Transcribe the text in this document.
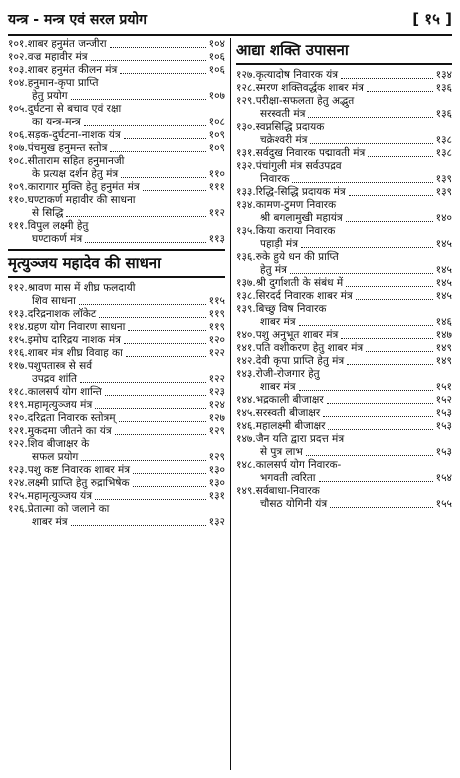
यन्त्र - मन्त्र एवं सरल प्रयोग	[ १५ ]
१०१.शाबर हनुमंत जन्जीरा	१०४
१०२.वज्र महावीर मंत्र	१०६
१०३.शाबर हनुमंत कीलन मंत्र	१०६
१०४.हनुमान-कृपा प्राप्ति
हेतु प्रयोग	१०७
१०५.दुर्घटना से बचाव एवं रक्षा
का यन्त्र-मन्त्र	१०८
१०६.सड़क-दुर्घटना-नाशक यंत्र	१०९
१०७.पंचमुख हनुमन्त स्तोत्र	१०९
१०८.सीताराम सहित हनुमानजी
के प्रत्यक्ष दर्शन हेतु मंत्र	११०
१०९.कारागार मुक्ति हेतु हनुमंत मंत्र	१११
११०.घण्टाकर्ण महावीर की साधना
से सिद्धि	११२
१११.विपुल लक्ष्मी हेतु
घण्टाकर्ण मंत्र	११३
मृत्युञ्जय महादेव की साधना
११२.श्रावण मास में शीघ्र फलदायी
शिव साधना	११५
११३.दरिद्रनाशक लॉकेट	११९
११४.ग्रहण योग निवारण साधना	११९
११५.इमोघ दारिद्रय नाशक मंत्र	१२०
११६.शाबर मंत्र शीघ्र विवाह का	१२२
११७.पशुपतास्त्र से सर्व
उपद्रव शांति	१२२
११८.कालसर्प योग शान्ति	१२३
११९.महामृत्युञ्जय मंत्र	१२४
१२०.दरिद्रता निवारक स्तोत्रम्	१२७
१२१.मुकदमा जीतने का यंत्र	१२९
१२२.शिव बीजाक्षर के
सफल प्रयोग	१२९
१२३.पशु कष्ट निवारक शाबर मंत्र	१३०
१२४.लक्ष्मी प्राप्ति हेतु रुद्राभिषेक	१३०
१२५.महामृत्युञ्जय यंत्र	१३१
१२६.प्रेतात्मा को जलाने का
शाबर मंत्र	१३२
आद्या शक्ति उपासना
१२७.कृत्यादोष निवारक यंत्र	१३४
१२८.स्मरण शक्तिवर्द्धक शाबर मंत्र	१३६
१२९.परीक्षा-सफलता हेतु अद्भुत
सरस्वती मंत्र	१३६
१३०.स्वप्नसिद्धि प्रदायक
चक्रेश्वरी मंत्र	१३८
१३१.सर्वदुख निवारक पद्मावती मंत्र	१३८
१३२.पंचांगुली मंत्र सर्वउपद्रव
निवारक	१३९
१३३.रिद्धि-सिद्धि प्रदायक मंत्र	१३९
१३४.कामण-टुमण निवारक
श्री बगलामुखी महायंत्र	१४०
१३५.किया कराया निवारक
पहाड़ी मंत्र	१४५
१३६.रुके हुये धन की प्राप्ति
हेतु मंत्र	१४५
१३७.श्री दुर्गाशती के संबंध में	१४५
१३८.सिरदर्द निवारक शाबर मंत्र	१४५
१३९.बिच्छु विष निवारक
शाबर मंत्र	१४६
१४०.पशु अनुभूत शाबर मंत्र	१४७
१४१.पति वशीकरण हेतु शाबर मंत्र	१४९
१४२.देवी कृपा प्राप्ति हेतु मंत्र	१४९
१४३.रोजी-रोजगार हेतु
शाबर मंत्र	१५१
१४४.भद्रकाली बीजाक्षर	१५२
१४५.सरस्वती बीजाक्षर	१५३
१४६.महालक्ष्मी बीजाक्षर	१५३
१४७.जैन यति द्वारा प्रदत्त मंत्र
से पुत्र लाभ	१५३
१४८.कालसर्प योग निवारक-
भगवती त्वरिता	१५४
१४९.सर्वबाधा-निवारक
चौसठ योगिनी यंत्र	१५५
